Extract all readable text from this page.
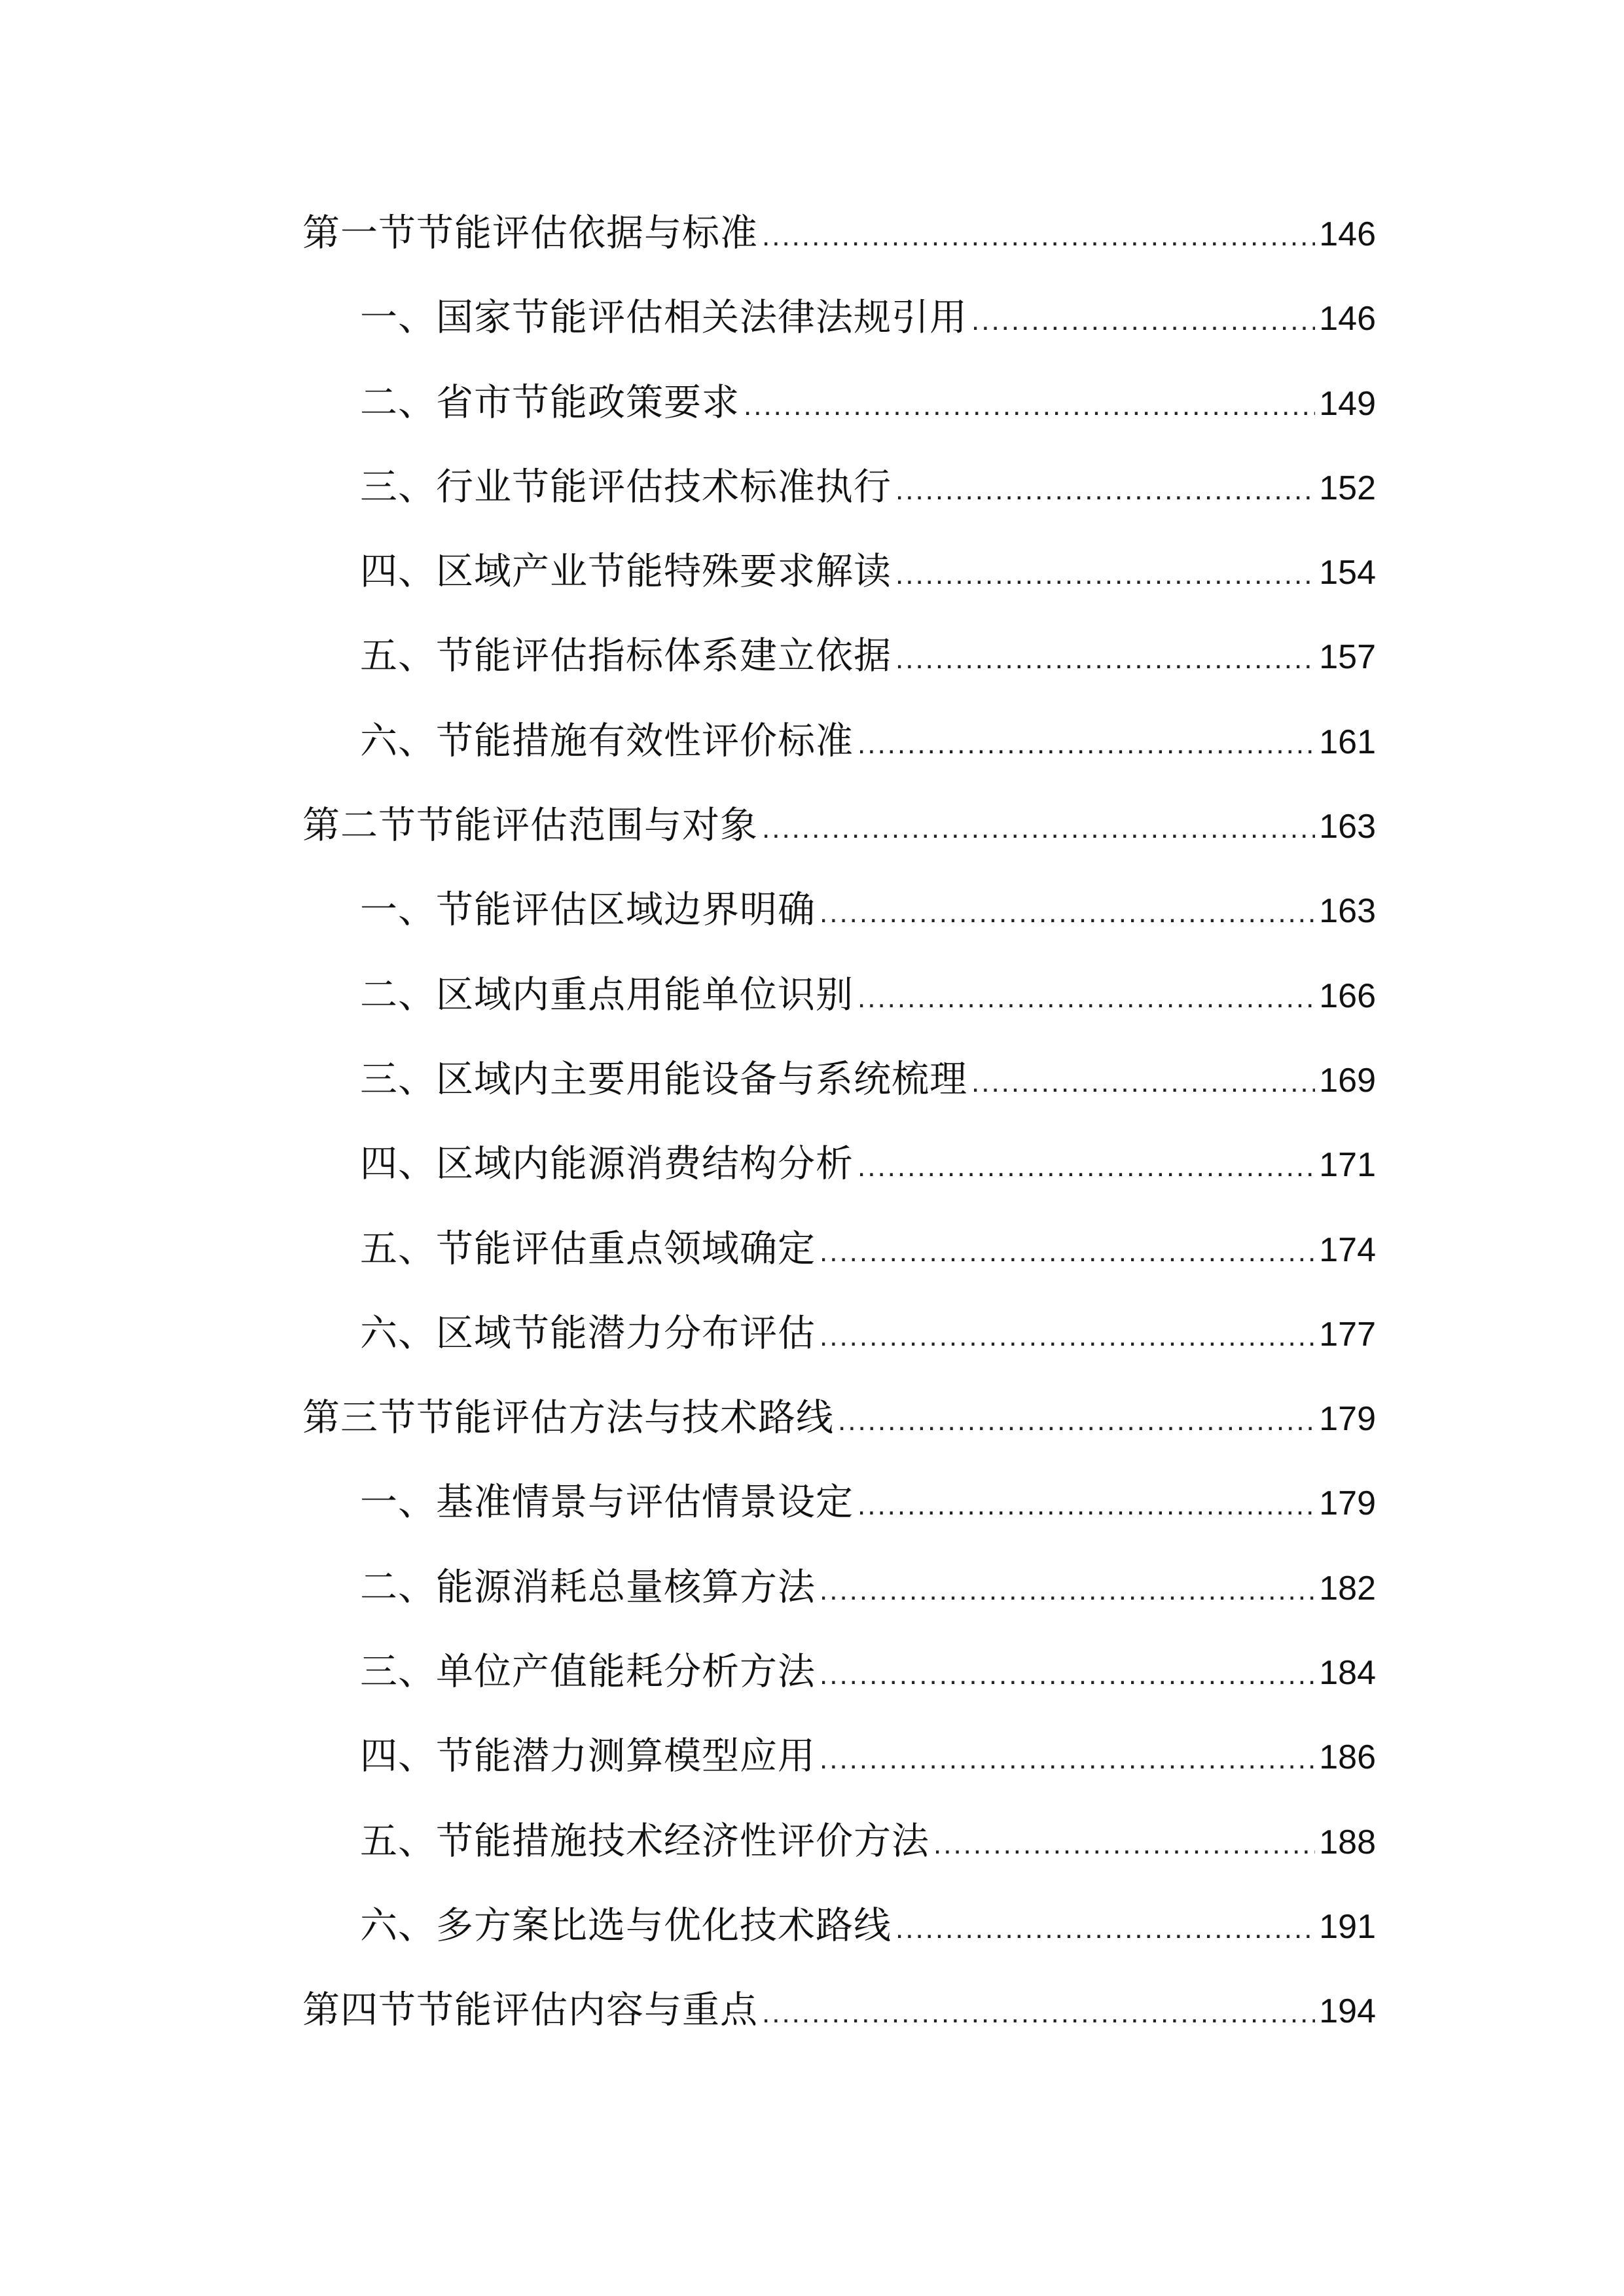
第一节节能评估依据与标准 .....	146
一、国家节能评估相关法律法规引用 .....	146
二、省市节能政策要求 .....	149
三、行业节能评估技术标准执行 .....	152
四、区域产业节能特殊要求解读 .....	154
五、节能评估指标体系建立依据 .....	157
六、节能措施有效性评价标准 .....	161
第二节节能评估范围与对象 .....	163
一、节能评估区域边界明确 .....	163
二、区域内重点用能单位识别 .....	166
三、区域内主要用能设备与系统梳理 .....	169
四、区域内能源消费结构分析 .....	171
五、节能评估重点领域确定 .....	174
六、区域节能潜力分布评估 .....	177
第三节节能评估方法与技术路线 .....	179
一、基准情景与评估情景设定 .....	179
二、能源消耗总量核算方法 .....	182
三、单位产值能耗分析方法 .....	184
四、节能潜力测算模型应用 .....	186
五、节能措施技术经济性评价方法 .....	188
六、多方案比选与优化技术路线 .....	191
第四节节能评估内容与重点 .....	194
